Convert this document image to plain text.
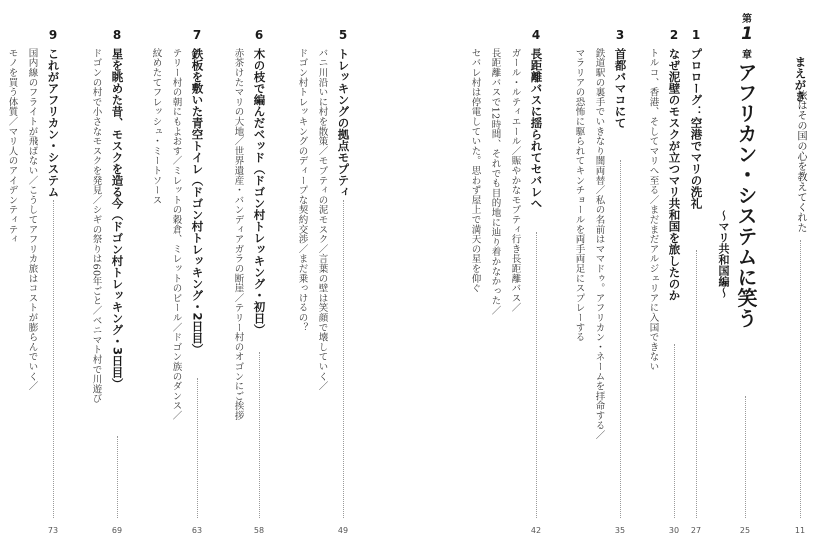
まえがき
旅はその国の心を教えてくれた
11
第
1
章
アフリカン・システムに笑う
〜マリ共和国編〜
25
1
プロローグ：空港でマリの洗礼
27
2
なぜ泥壁のモスクが立つマリ共和国を旅したのか
トルコ、香港、そしてマリへ至る／まだまだアルジェリアに入国できない
30
3
首都バマコにて
鉄道駅の裏手でいきなり闇両替／私の名前はママドゥ。アフリカン・ネームを拝命する／
マラリアの恐怖に駆られてキンチョールを両手両足にスプレーする
35
4
長距離バスに揺られてセバレへ
ガール・ルティエール／賑やかなモプティ行き長距離バス／
長距離バスで12時間、それでも目的地に辿り着かなかった／
セバレ村は停電していた。思わず屋上で満天の星を仰ぐ
42
5
トレッキングの拠点モプティ
バニ川沿いに村を散策／モプティの泥モスク／言葉の壁は笑顔で壊していく／
ドゴン村トレッキングのディープな契約交渉／まだ乗っけるの？
49
6
木の枝で編んだベッド（ドゴン村トレッキング・初日）
赤茶けたマリの大地／世界遺産・バンディアガラの断崖／テリー村のオゴンにご挨拶
58
7
鉄板を敷いた青空トイレ（ドゴン村トレッキング・2日目）
テリー村の朝にもよおす／ミレットの穀倉、ミレットのビール／ドゴン族のダンス／
紋めたてフレッシュ・ミートソース
63
8
星を眺めた昔、モスクを造る今（ドゴン村トレッキング・3日目）
ドゴンの村で小さなモスクを発見／シギの祭りは60年ごと／ベニマト村で川遊び
69
9
これがアフリカン・システム
国内線のフライトが飛ばない／こうしてアフリカ旅はコストが膨らんでいく／
モノを買う体質／マリ人のアイデンティティ
73
